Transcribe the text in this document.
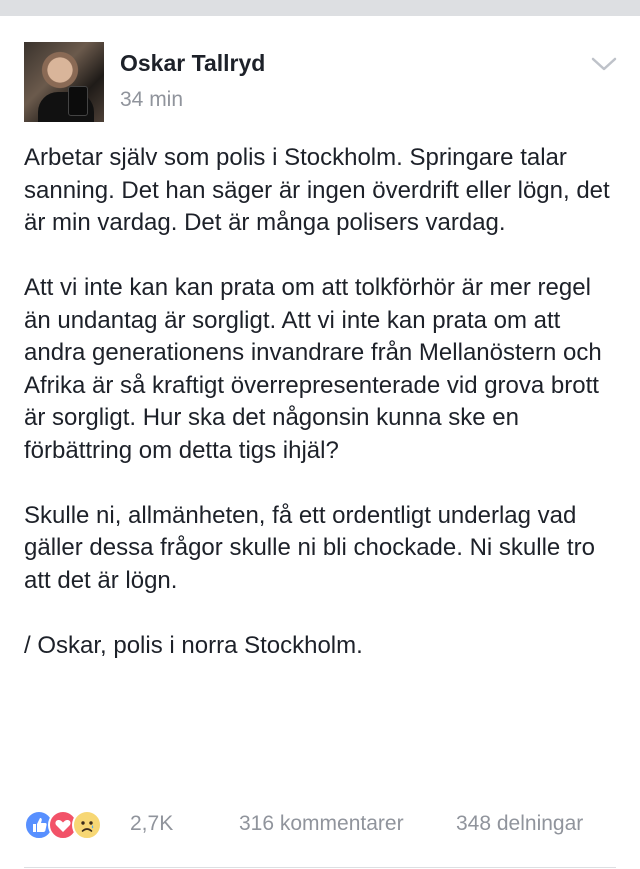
Oskar Tallryd
34 min

Arbetar själv som polis i Stockholm. Springare talar sanning. Det han säger är ingen överdrift eller lögn, det är min vardag. Det är många polisers vardag.

Att vi inte kan kan prata om att tolkförhör är mer regel än undantag är sorgligt. Att vi inte kan prata om att andra generationens invandrare från Mellanöstern och Afrika är så kraftigt överrepresenterade vid grova brott är sorgligt. Hur ska det någonsin kunna ske en förbättring om detta tigs ihjäl?

Skulle ni, allmänheten, få ett ordentligt underlag vad gäller dessa frågor skulle ni bli chockade. Ni skulle tro att det är lögn.

/ Oskar, polis i norra Stockholm.

2,7K	316 kommentarer 348 delningar
